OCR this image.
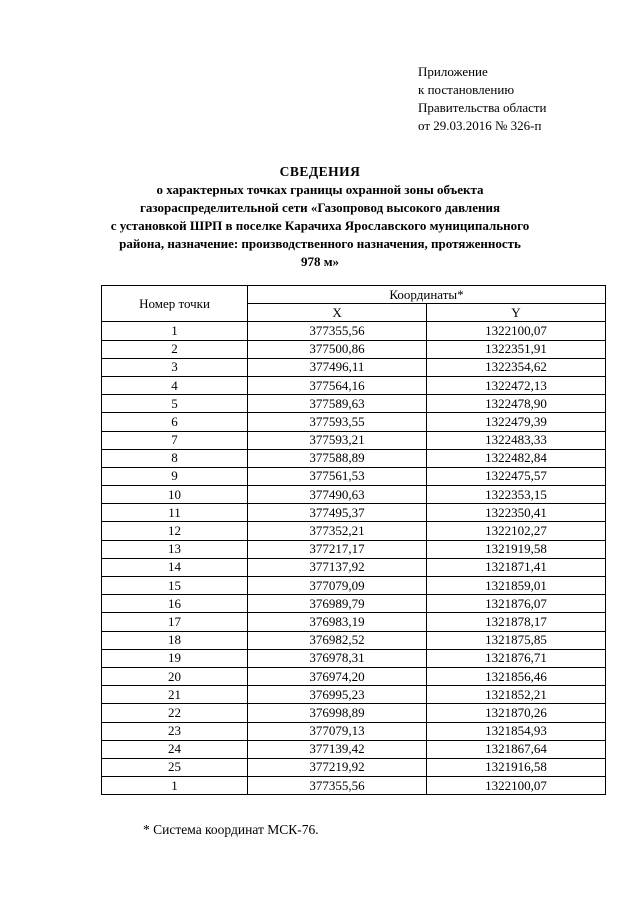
Приложение
к постановлению
Правительства области
от 29.03.2016 № 326-п
СВЕДЕНИЯ
о характерных точках границы охранной зоны объекта
газораспределительной сети «Газопровод высокого давления
с установкой ШРП в поселке Карачиха Ярославского муниципального
района, назначение: производственного назначения, протяженность
978 м»
Номер точки	Координаты*	
	X	Y
1	377355,56	1322100,07
2	377500,86	1322351,91
3	377496,11	1322354,62
4	377564,16	1322472,13
5	377589,63	1322478,90
6	377593,55	1322479,39
7	377593,21	1322483,33
8	377588,89	1322482,84
9	377561,53	1322475,57
10	377490,63	1322353,15
11	377495,37	1322350,41
12	377352,21	1322102,27
13	377217,17	1321919,58
14	377137,92	1321871,41
15	377079,09	1321859,01
16	376989,79	1321876,07
17	376983,19	1321878,17
18	376982,52	1321875,85
19	376978,31	1321876,71
20	376974,20	1321856,46
21	376995,23	1321852,21
22	376998,89	1321870,26
23	377079,13	1321854,93
24	377139,42	1321867,64
25	377219,92	1321916,58
1	377355,56	1322100,07
* Система координат МСК-76.
